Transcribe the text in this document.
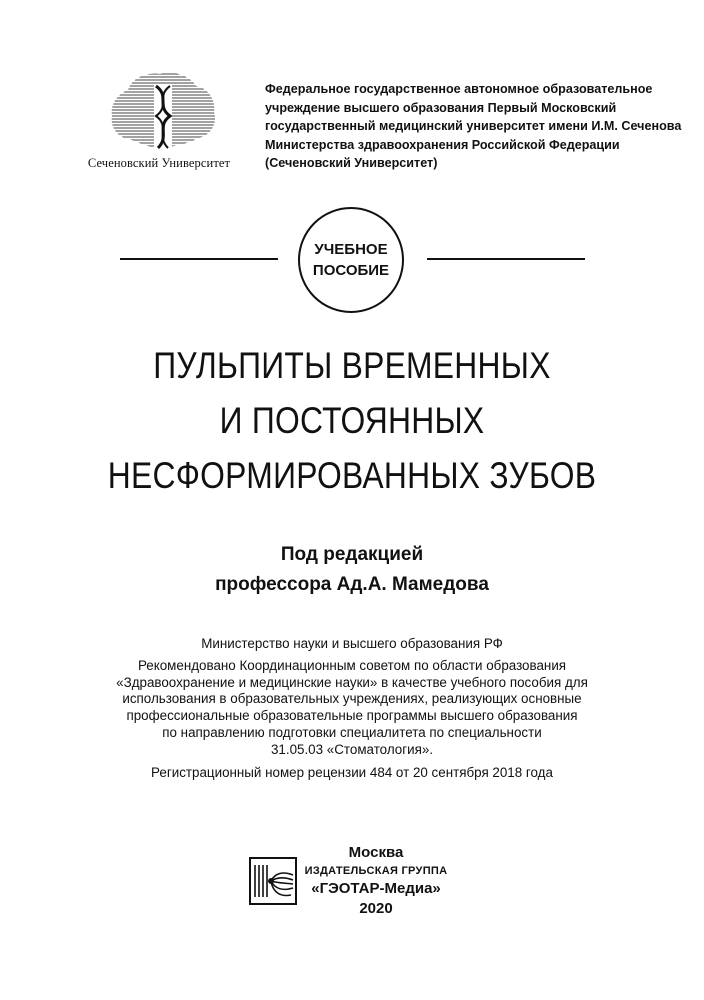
Сеченовский Университет
Федеральное государственное автономное образовательное
учреждение высшего образования Первый Московский
государственный медицинский университет имени И.М. Сеченова
Министерства здравоохранения Российской Федерации
(Сеченовский Университет)
УЧЕБНОЕ
ПОСОБИЕ
ПУЛЬПИТЫ ВРЕМЕННЫХ
И ПОСТОЯННЫХ
НЕСФОРМИРОВАННЫХ ЗУБОВ
Под редакцией
профессора Ад.А. Мамедова
Министерство науки и высшего образования РФ
Рекомендовано Координационным советом по области образования
«Здравоохранение и медицинские науки» в качестве учебного пособия для
использования в образовательных учреждениях, реализующих основные
профессиональные образовательные программы высшего образования
по направлению подготовки специалитета по специальности
31.05.03 «Стоматология».
Регистрационный номер рецензии 484 от 20 сентября 2018 года
Москва
ИЗДАТЕЛЬСКАЯ ГРУППА
«ГЭОТАР-Медиа»
2020
